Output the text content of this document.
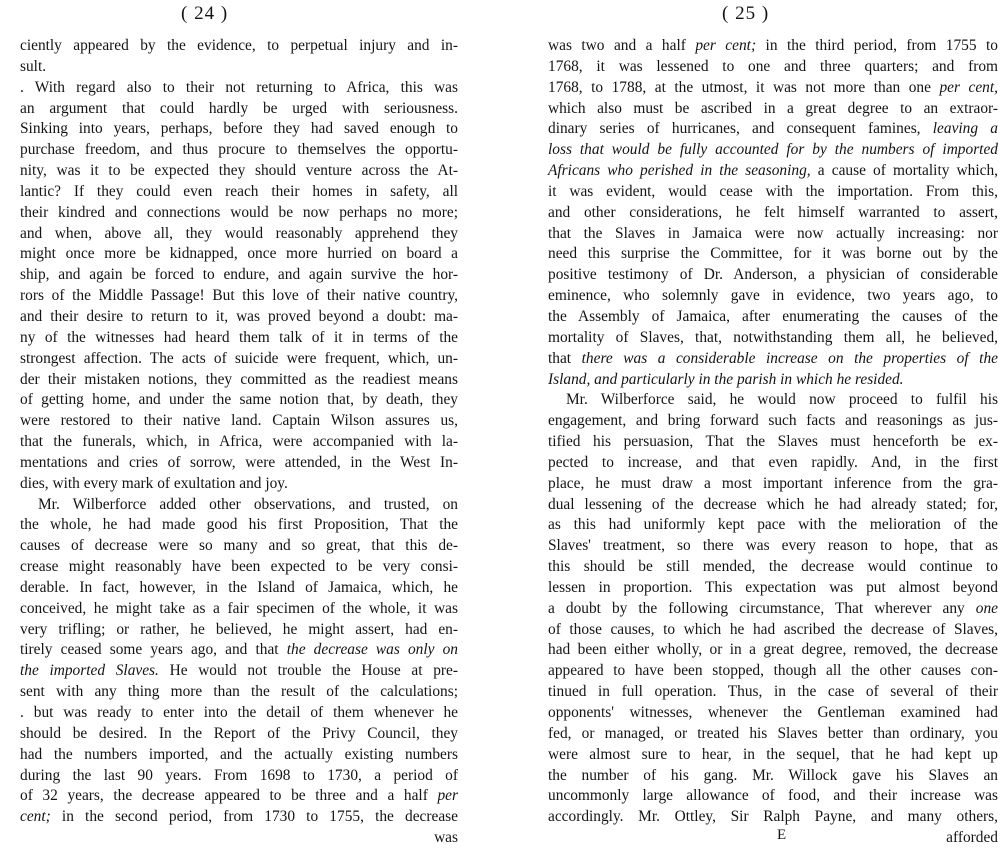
( 24 )
ciently appeared by the evidence, to perpetual injury and in-
sult.
. With regard also to their not returning to Africa, this was
an argument that could hardly be urged with seriousness.
Sinking into years, perhaps, before they had saved enough to
purchase freedom, and thus procure to themselves the opportu-
nity, was it to be expected they should venture across the At-
lantic? If they could even reach their homes in safety, all
their kindred and connections would be now perhaps no more;
and when, above all, they would reasonably apprehend they
might once more be kidnapped, once more hurried on board a
ship, and again be forced to endure, and again survive the hor-
rors of the Middle Passage! But this love of their native country,
and their desire to return to it, was proved beyond a doubt: ma-
ny of the witnesses had heard them talk of it in terms of the
strongest affection. The acts of suicide were frequent, which, un-
der their mistaken notions, they committed as the readiest means
of getting home, and under the same notion that, by death, they
were restored to their native land. Captain Wilson assures us,
that the funerals, which, in Africa, were accompanied with la-
mentations and cries of sorrow, were attended, in the West In-
dies, with every mark of exultation and joy.
Mr. Wilberforce added other observations, and trusted, on
the whole, he had made good his first Proposition, That the
causes of decrease were so many and so great, that this de-
crease might reasonably have been expected to be very consi-
derable. In fact, however, in the Island of Jamaica, which, he
conceived, he might take as a fair specimen of the whole, it was
very trifling; or rather, he believed, he might assert, had en-
tirely ceased some years ago, and that the decrease was only on
the imported Slaves. He would not trouble the House at pre-
sent with any thing more than the result of the calculations;
. but was ready to enter into the detail of them whenever he
should be desired. In the Report of the Privy Council, they
had the numbers imported, and the actually existing numbers
during the last 90 years. From 1698 to 1730, a period of
of 32 years, the decrease appeared to be three and a half per
cent; in the second period, from 1730 to 1755, the decrease
was
( 25 )
was two and a half per cent; in the third period, from 1755 to
1768, it was lessened to one and three quarters; and from
1768, to 1788, at the utmost, it was not more than one per cent,
which also must be ascribed in a great degree to an extraor-
dinary series of hurricanes, and consequent famines, leaving a
loss that would be fully accounted for by the numbers of imported
Africans who perished in the seasoning, a cause of mortality which,
it was evident, would cease with the importation. From this,
and other considerations, he felt himself warranted to assert,
that the Slaves in Jamaica were now actually increasing: nor
need this surprise the Committee, for it was borne out by the
positive testimony of Dr. Anderson, a physician of considerable
eminence, who solemnly gave in evidence, two years ago, to
the Assembly of Jamaica, after enumerating the causes of the
mortality of Slaves, that, notwithstanding them all, he believed,
that there was a considerable increase on the properties of the
Island, and particularly in the parish in which he resided.
Mr. Wilberforce said, he would now proceed to fulfil his
engagement, and bring forward such facts and reasonings as jus-
tified his persuasion, That the Slaves must henceforth be ex-
pected to increase, and that even rapidly. And, in the first
place, he must draw a most important inference from the gra-
dual lessening of the decrease which he had already stated; for,
as this had uniformly kept pace with the melioration of the
Slaves' treatment, so there was every reason to hope, that as
this should be still mended, the decrease would continue to
lessen in proportion. This expectation was put almost beyond
a doubt by the following circumstance, That wherever any one
of those causes, to which he had ascribed the decrease of Slaves,
had been either wholly, or in a great degree, removed, the decrease
appeared to have been stopped, though all the other causes con-
tinued in full operation. Thus, in the case of several of their
opponents' witnesses, whenever the Gentleman examined had
fed, or managed, or treated his Slaves better than ordinary, you
were almost sure to hear, in the sequel, that he had kept up
the number of his gang. Mr. Willock gave his Slaves an
uncommonly large allowance of food, and their increase was
accordingly. Mr. Ottley, Sir Ralph Payne, and many others,
afforded
E
